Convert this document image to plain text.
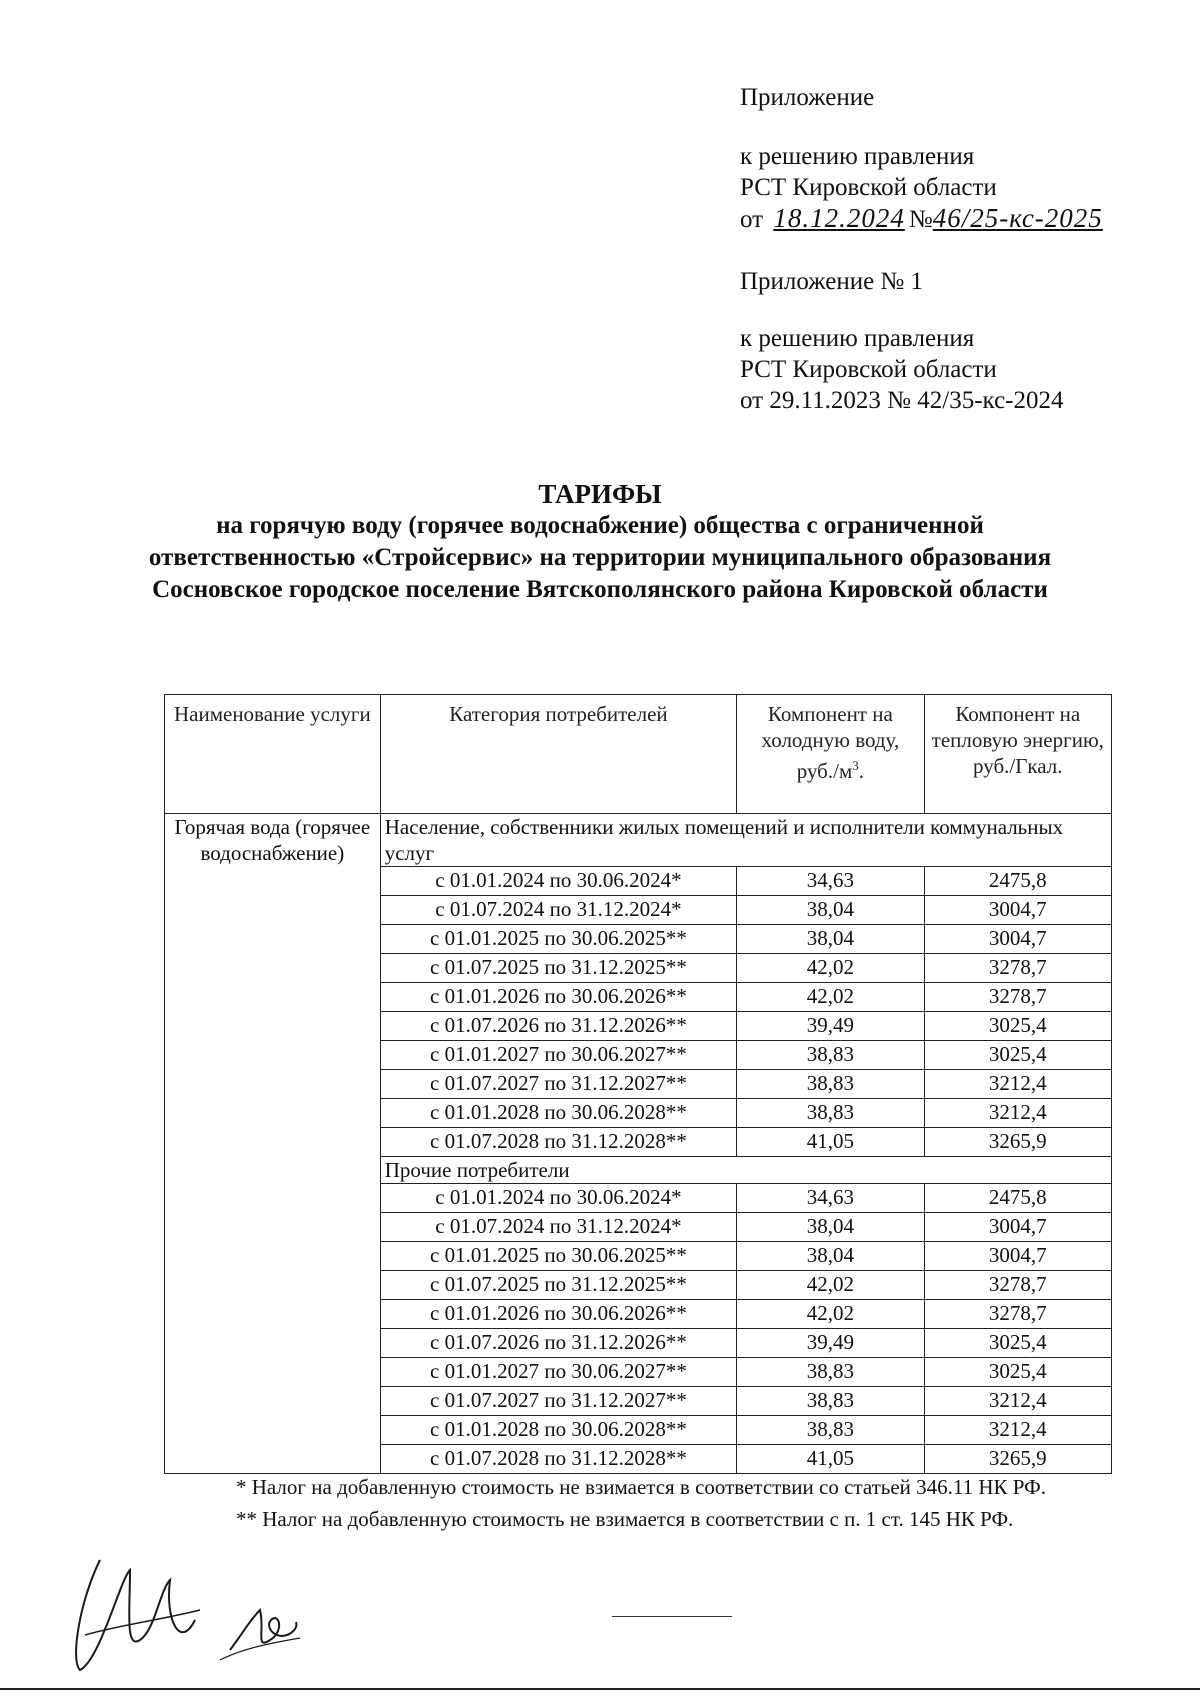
Приложение
к решению правления
РСТ Кировской области
от 18.12.2024 №46/25-кс-2025
Приложение № 1
к решению правления
РСТ Кировской области
от 29.11.2023 № 42/35-кс-2024
ТАРИФЫ
на горячую воду (горячее водоснабжение) общества с ограниченной ответственностью «Стройсервис» на территории муниципального образования Сосновское городское поселение Вятскополянского района Кировской области
Наименование услуги	Категория потребителей	Компонент на холодную воду, $руб./м^3$.	Компонент на тепловую энергию, руб./Гкал.
Горячая вода (горячее водоснабжение)	Население, собственники жилых помещений и исполнители коммунальных услуг		
	с 01.01.2024 по 30.06.2024*	34,63	2475,8
	с 01.07.2024 по 31.12.2024*	38,04	3004,7
	с 01.01.2025 по 30.06.2025**	38,04	3004,7
	с 01.07.2025 по 31.12.2025**	42,02	3278,7
	с 01.01.2026 по 30.06.2026**	42,02	3278,7
	с 01.07.2026 по 31.12.2026**	39,49	3025,4
	с 01.01.2027 по 30.06.2027**	38,83	3025,4
	с 01.07.2027 по 31.12.2027**	38,83	3212,4
	с 01.01.2028 по 30.06.2028**	38,83	3212,4
	с 01.07.2028 по 31.12.2028**	41,05	3265,9
	Прочие потребители		
	с 01.01.2024 по 30.06.2024*	34,63	2475,8
	с 01.07.2024 по 31.12.2024*	38,04	3004,7
	с 01.01.2025 по 30.06.2025**	38,04	3004,7
	с 01.07.2025 по 31.12.2025**	42,02	3278,7
	с 01.01.2026 по 30.06.2026**	42,02	3278,7
	с 01.07.2026 по 31.12.2026**	39,49	3025,4
	с 01.01.2027 по 30.06.2027**	38,83	3025,4
	с 01.07.2027 по 31.12.2027**	38,83	3212,4
	с 01.01.2028 по 30.06.2028**	38,83	3212,4
	с 01.07.2028 по 31.12.2028**	41,05	3265,9

* Налог на добавленную стоимость не взимается в соответствии со статьей 346.11 НК РФ.

** Налог на добавленную стоимость не взимается в соответствии с п. 1 ст. 145 НК РФ.
